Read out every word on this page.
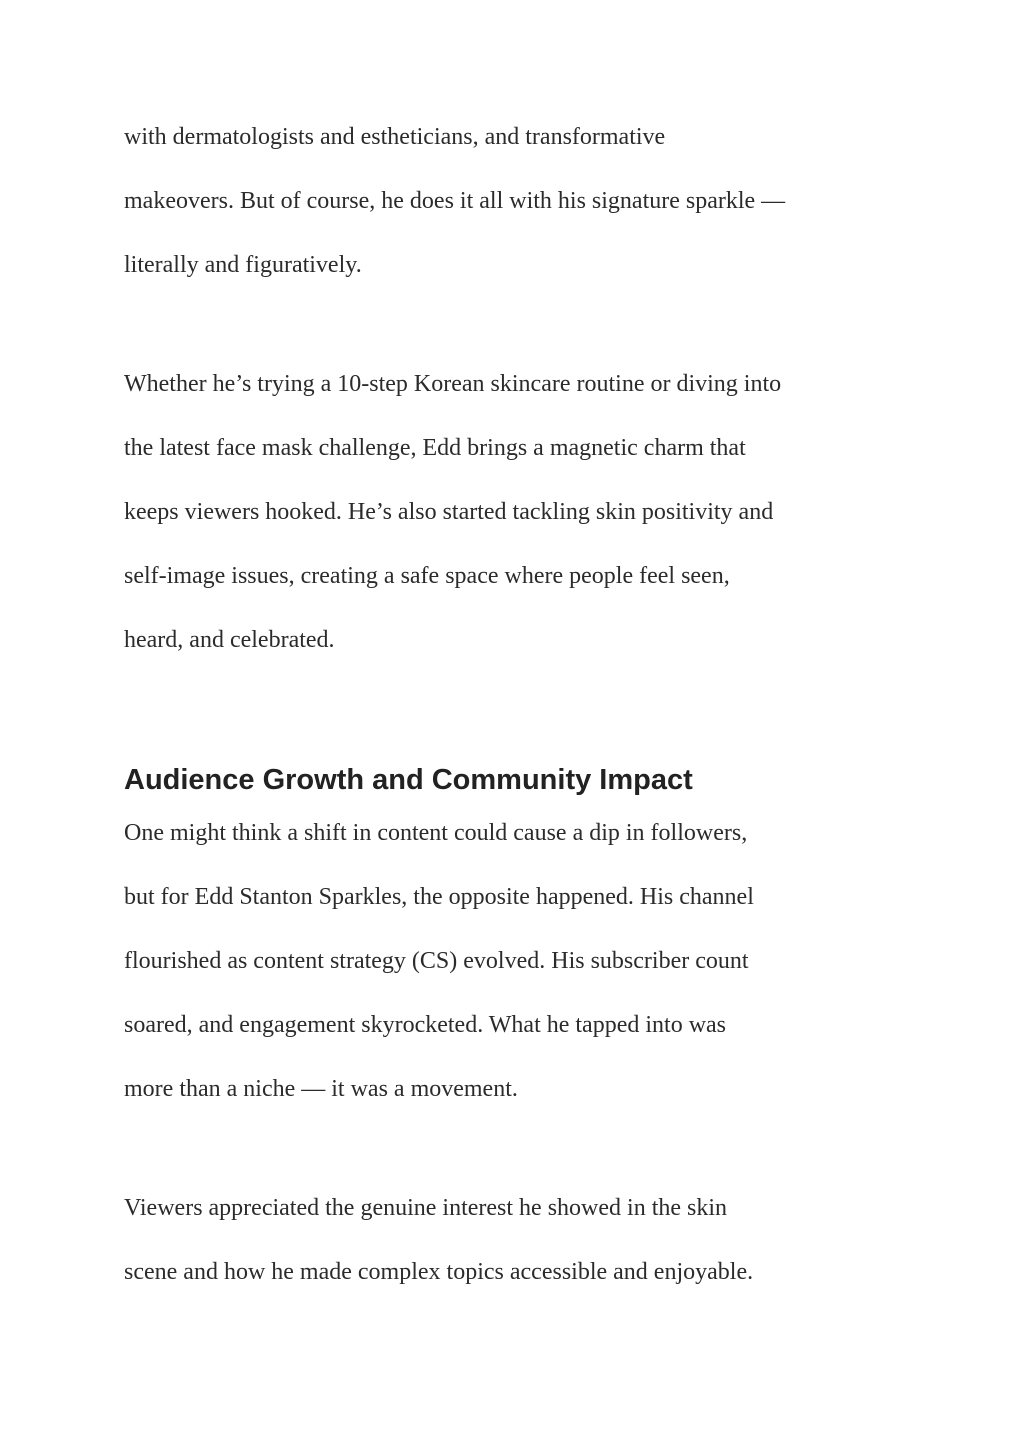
with dermatologists and estheticians, and transformative
makeovers. But of course, he does it all with his signature sparkle —
literally and figuratively.

Whether he’s trying a 10-step Korean skincare routine or diving into
the latest face mask challenge, Edd brings a magnetic charm that
keeps viewers hooked. He’s also started tackling skin positivity and
self-image issues, creating a safe space where people feel seen,
heard, and celebrated.

Audience Growth and Community Impact

One might think a shift in content could cause a dip in followers,
but for Edd Stanton Sparkles, the opposite happened. His channel
flourished as content strategy (CS) evolved. His subscriber count
soared, and engagement skyrocketed. What he tapped into was
more than a niche — it was a movement.

Viewers appreciated the genuine interest he showed in the skin
scene and how he made complex topics accessible and enjoyable.
